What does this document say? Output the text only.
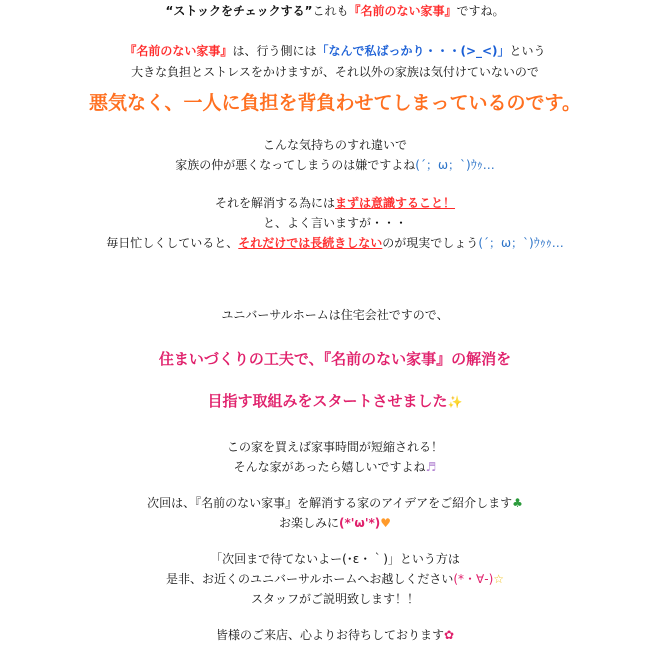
“ストックをチェックする”これも『名前のない家事』ですね。
『名前のない家事』は、行う側には「なんで私ばっかり・・・(>_<)」という
大きな負担とストレスをかけますが、それ以外の家族は気付けていないので
悪気なく、一人に負担を背負わせてしまっているのです。
こんな気持ちのすれ違いで
家族の仲が悪くなってしまうのは嫌ですよね(´；ω；`)ｳｩ…
それを解消する為にはまずは意識すること！
と、よく言いますが・・・
毎日忙しくしていると、それだけでは長続きしないのが現実でしょう(´；ω；`)ｳｩｩ…
ユニバーサルホームは住宅会社ですので、
住まいづくりの工夫で、『名前のない家事』の解消を
目指す取組みをスタートさせました✨
この家を買えば家事時間が短縮される！
そんな家があったら嬉しいですよね♬
次回は、『名前のない家事』を解消する家のアイデアをご紹介します♣
お楽しみに(*'ω'*)♥
「次回まで待てないよー(･ε・｀)」という方は
是非、お近くのユニバーサルホームへお越しください(*・∀-)☆
スタッフがご説明致します！！
皆様のご来店、心よりお待ちしております✿
